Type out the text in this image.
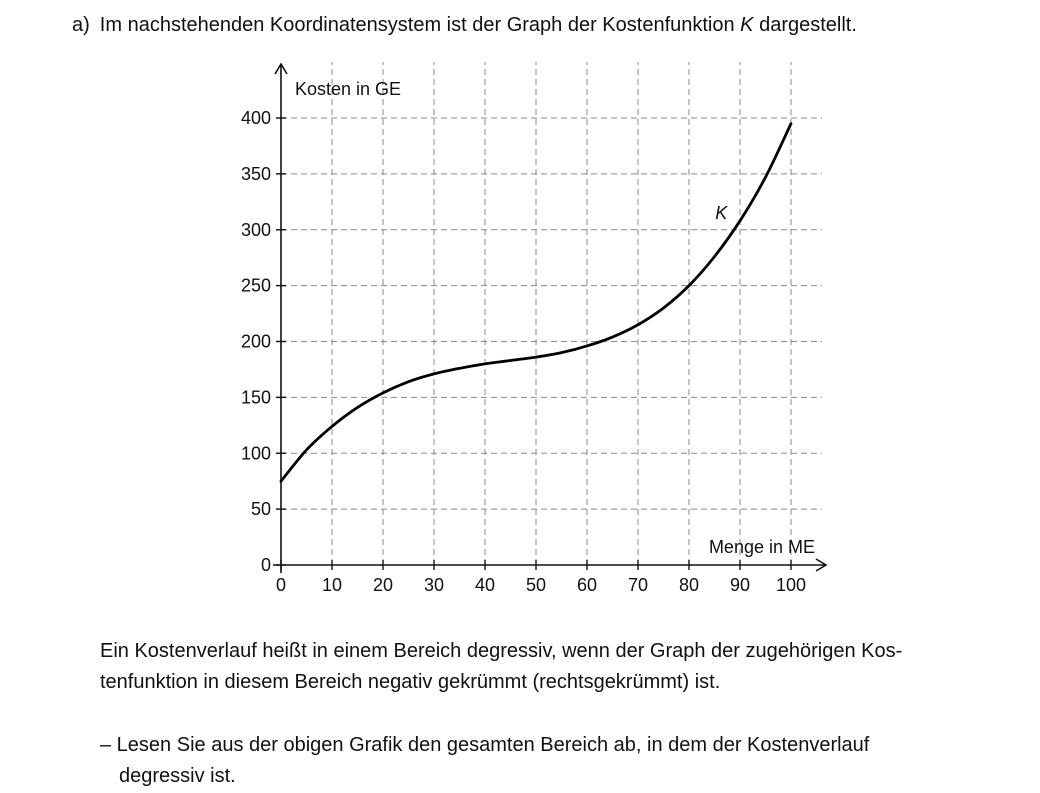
a) Im nachstehenden Koordinatensystem ist der Graph der Kostenfunktion K dargestellt.
0 10 20 30 40 50 60 70 80 90 100
0
50
100
150
200
250
300
350
400
Menge in ME
Kosten in GE
K
Ein Kostenverlauf heißt in einem Bereich degressiv, wenn der Graph der zugehörigen Kos-
tenfunktion in diesem Bereich negativ gekrümmt (rechtsgekrümmt) ist.
– Lesen Sie aus der obigen Grafik den gesamten Bereich ab, in dem der Kostenverlauf
degressiv ist.
